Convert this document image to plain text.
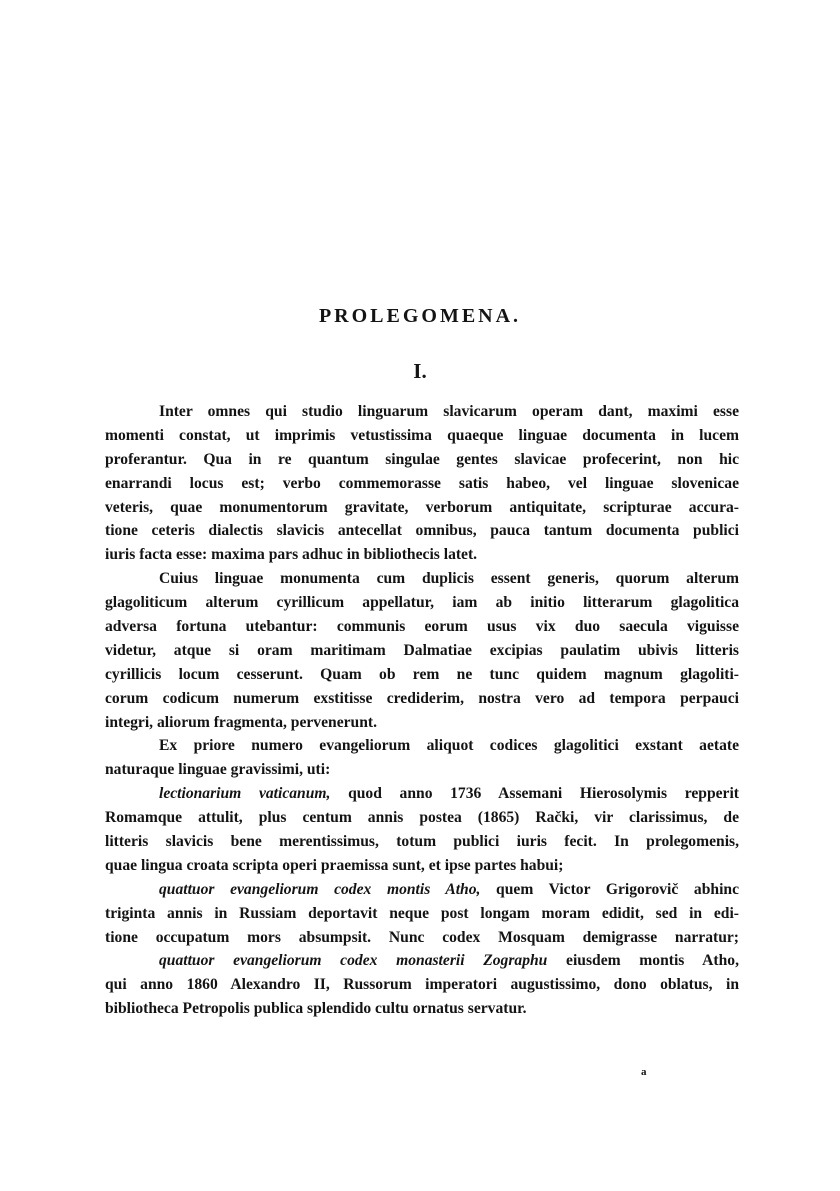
PROLEGOMENA.
I.
Inter omnes qui studio linguarum slavicarum operam dant, maximi esse
momenti constat, ut imprimis vetustissima quaeque linguae documenta in lucem
proferantur. Qua in re quantum singulae gentes slavicae profecerint, non hic
enarrandi locus est; verbo commemorasse satis habeo, vel linguae slovenicae
veteris, quae monumentorum gravitate, verborum antiquitate, scripturae accura-
tione ceteris dialectis slavicis antecellat omnibus, pauca tantum documenta publici
iuris facta esse: maxima pars adhuc in bibliothecis latet.
Cuius linguae monumenta cum duplicis essent generis, quorum alterum
glagoliticum alterum cyrillicum appellatur, iam ab initio litterarum glagolitica
adversa fortuna utebantur: communis eorum usus vix duo saecula viguisse
videtur, atque si oram maritimam Dalmatiae excipias paulatim ubivis litteris
cyrillicis locum cesserunt. Quam ob rem ne tunc quidem magnum glagoliti-
corum codicum numerum exstitisse crediderim, nostra vero ad tempora perpauci
integri, aliorum fragmenta, pervenerunt.
Ex priore numero evangeliorum aliquot codices glagolitici exstant aetate
naturaque linguae gravissimi, uti:
lectionarium vaticanum, quod anno 1736 Assemani Hierosolymis repperit
Romamque attulit, plus centum annis postea (1865) Rački, vir clarissimus, de
litteris slavicis bene merentissimus, totum publici iuris fecit. In prolegomenis,
quae lingua croata scripta operi praemissa sunt, et ipse partes habui;
quattuor evangeliorum codex montis Atho, quem Victor Grigorovič abhinc
triginta annis in Russiam deportavit neque post longam moram edidit, sed in edi-
tione occupatum mors absumpsit. Nunc codex Mosquam demigrasse narratur;
quattuor evangeliorum codex monasterii Zographu eiusdem montis Atho,
qui anno 1860 Alexandro II, Russorum imperatori augustissimo, dono oblatus, in
bibliotheca Petropolis publica splendido cultu ornatus servatur.
a
